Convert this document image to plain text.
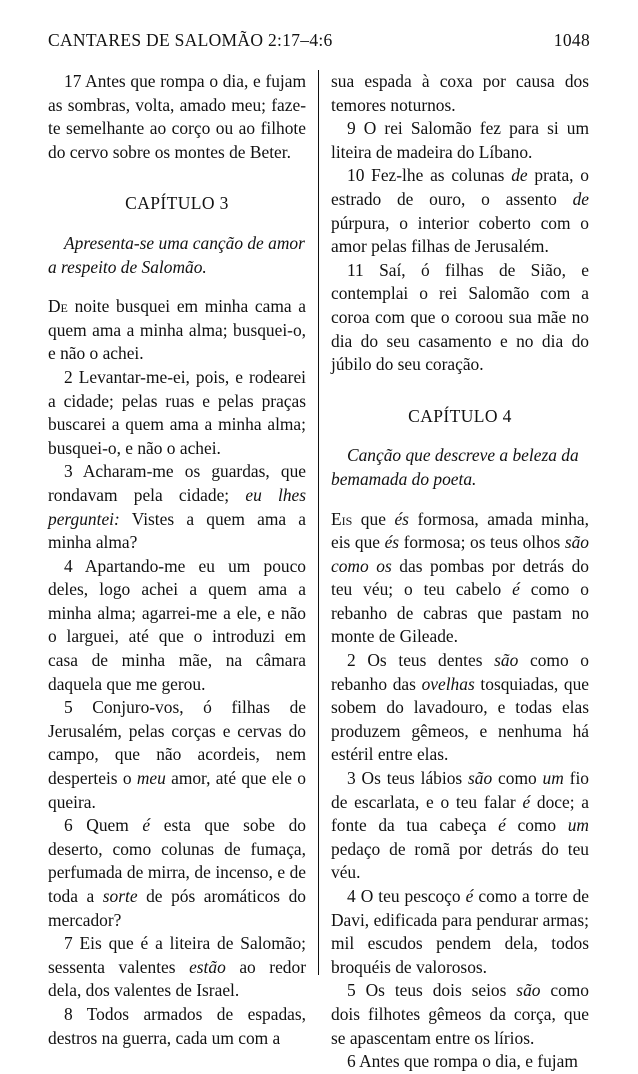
CANTARES DE SALOMÃO 2:17–4:6	1048

17 Antes que rompa o dia, e fujam as sombras, volta, amado meu; faze-te semelhante ao corço ou ao filhote do cervo sobre os montes de Beter.

CAPÍTULO 3

Apresenta-se uma canção de amor a respeito de Salomão.

De noite busquei em minha cama a quem ama a minha alma; busquei-o, e não o achei.

2 Levantar-me-ei, pois, e rodearei a cidade; pelas ruas e pelas praças buscarei a quem ama a minha alma; busquei-o, e não o achei.

3 Acharam-me os guardas, que rondavam pela cidade; eu lhes perguntei: Vistes a quem ama a minha alma?

4 Apartando-me eu um pouco deles, logo achei a quem ama a minha alma; agarrei-me a ele, e não o larguei, até que o introduzi em casa de minha mãe, na câmara daquela que me gerou.

5 Conjuro-vos, ó filhas de Jerusalém, pelas corças e cervas do campo, que não acordeis, nem desperteis o meu amor, até que ele o queira.

6 Quem é esta que sobe do deserto, como colunas de fumaça, perfumada de mirra, de incenso, e de toda a sorte de pós aromáticos do mercador?

7 Eis que é a liteira de Salomão; sessenta valentes estão ao redor dela, dos valentes de Israel.

8 Todos armados de espadas, destros na guerra, cada um com a

sua espada à coxa por causa dos temores noturnos.

9 O rei Salomão fez para si um liteira de madeira do Líbano.

10 Fez-lhe as colunas de prata, o estrado de ouro, o assento de púrpura, o interior coberto com o amor pelas filhas de Jerusalém.

11 Saí, ó filhas de Sião, e contemplai o rei Salomão com a coroa com que o coroou sua mãe no dia do seu casamento e no dia do júbilo do seu coração.

CAPÍTULO 4

Canção que descreve a beleza da bemamada do poeta.

Eis que és formosa, amada minha, eis que és formosa; os teus olhos são como os das pombas por detrás do teu véu; o teu cabelo é como o rebanho de cabras que pastam no monte de Gileade.

2 Os teus dentes são como o rebanho das ovelhas tosquiadas, que sobem do lavadouro, e todas elas produzem gêmeos, e nenhuma há estéril entre elas.

3 Os teus lábios são como um fio de escarlata, e o teu falar é doce; a fonte da tua cabeça é como um pedaço de romã por detrás do teu véu.

4 O teu pescoço é como a torre de Davi, edificada para pendurar armas; mil escudos pendem dela, todos broquéis de valorosos.

5 Os teus dois seios são como dois filhotes gêmeos da corça, que se apascentam entre os lírios.

6 Antes que rompa o dia, e fujam
